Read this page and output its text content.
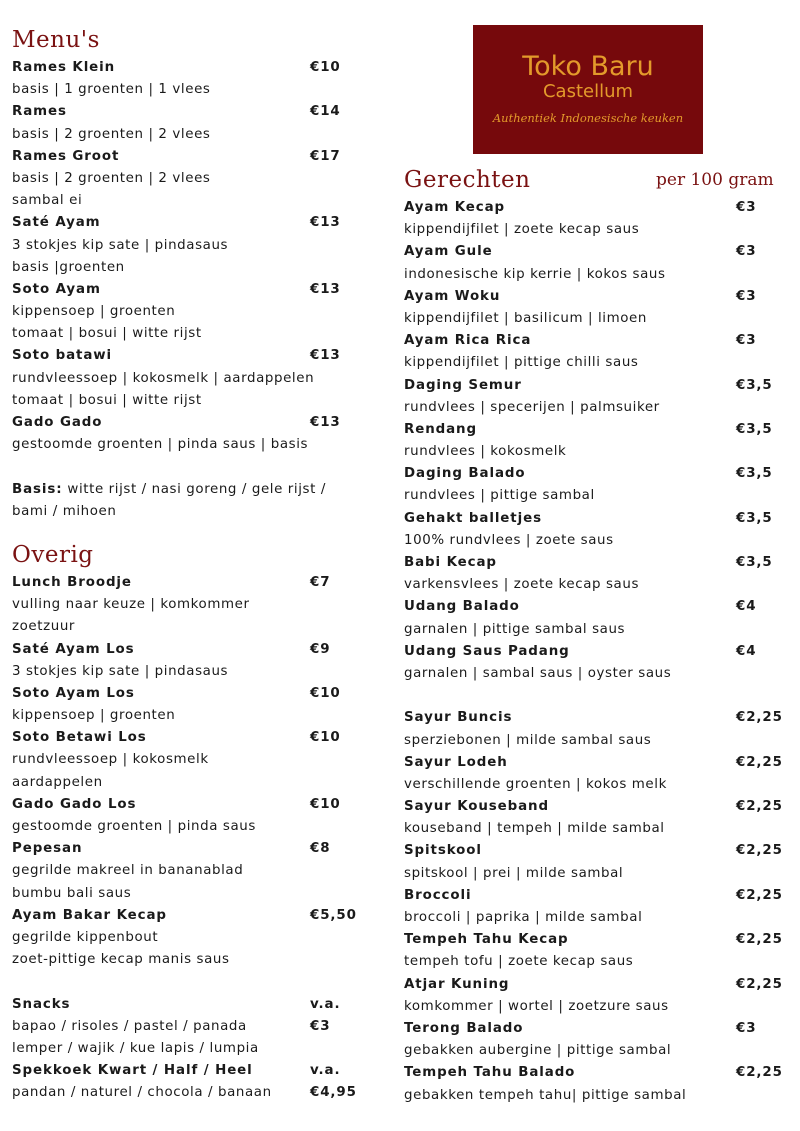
Menu's
Rames Klein	€10
basis | 1 groenten | 1 vlees
Rames	€14
basis | 2 groenten | 2 vlees
Rames Groot	€17
basis | 2 groenten | 2 vlees
sambal ei
Saté Ayam	€13
3 stokjes kip sate | pindasaus
basis |groenten
Soto Ayam	€13
kippensoep | groenten
tomaat | bosui | witte rijst
Soto batawi	€13
rundvleessoep | kokosmelk | aardappelen
tomaat | bosui | witte rijst
Gado Gado	€13
gestoomde groenten | pinda saus | basis
Basis: witte rijst / nasi goreng / gele rijst /
bami / mihoen
Overig
Lunch Broodje	€7
vulling naar keuze | komkommer
zoetzuur
Saté Ayam Los	€9
3 stokjes kip sate | pindasaus
Soto Ayam Los	€10
kippensoep | groenten
Soto Betawi Los	€10
rundvleessoep | kokosmelk
aardappelen
Gado Gado Los	€10
gestoomde groenten | pinda saus
Pepesan	€8
gegrilde makreel in bananablad
bumbu bali saus
Ayam Bakar Kecap	€5,50
gegrilde kippenbout
zoet-pittige kecap manis saus
Snacks	v.a.
bapao / risoles / pastel / panada	€3
lemper / wajik / kue lapis / lumpia
Spekkoek Kwart / Half / Heel	v.a.
pandan / naturel / chocola / banaan	€4,95
Toko Baru
Castellum
Authentiek Indonesische keuken
Gerechten	per 100 gram
Ayam Kecap	€3
kippendijfilet | zoete kecap saus
Ayam Gule	€3
indonesische kip kerrie | kokos saus
Ayam Woku	€3
kippendijfilet | basilicum | limoen
Ayam Rica Rica	€3
kippendijfilet | pittige chilli saus
Daging Semur	€3,5
rundvlees | specerijen | palmsuiker
Rendang	€3,5
rundvlees | kokosmelk
Daging Balado	€3,5
rundvlees | pittige sambal
Gehakt balletjes	€3,5
100% rundvlees | zoete saus
Babi Kecap	€3,5
varkensvlees | zoete kecap saus
Udang Balado	€4
garnalen | pittige sambal saus
Udang Saus Padang	€4
garnalen | sambal saus | oyster saus
Sayur Buncis	€2,25
sperziebonen | milde sambal saus
Sayur Lodeh	€2,25
verschillende groenten | kokos melk
Sayur Kouseband	€2,25
kouseband | tempeh | milde sambal
Spitskool	€2,25
spitskool | prei | milde sambal
Broccoli	€2,25
broccoli | paprika | milde sambal
Tempeh Tahu Kecap	€2,25
tempeh tofu | zoete kecap saus
Atjar Kuning	€2,25
komkommer | wortel | zoetzure saus
Terong Balado	€3
gebakken aubergine | pittige sambal
Tempeh Tahu Balado	€2,25
gebakken tempeh tahu| pittige sambal
